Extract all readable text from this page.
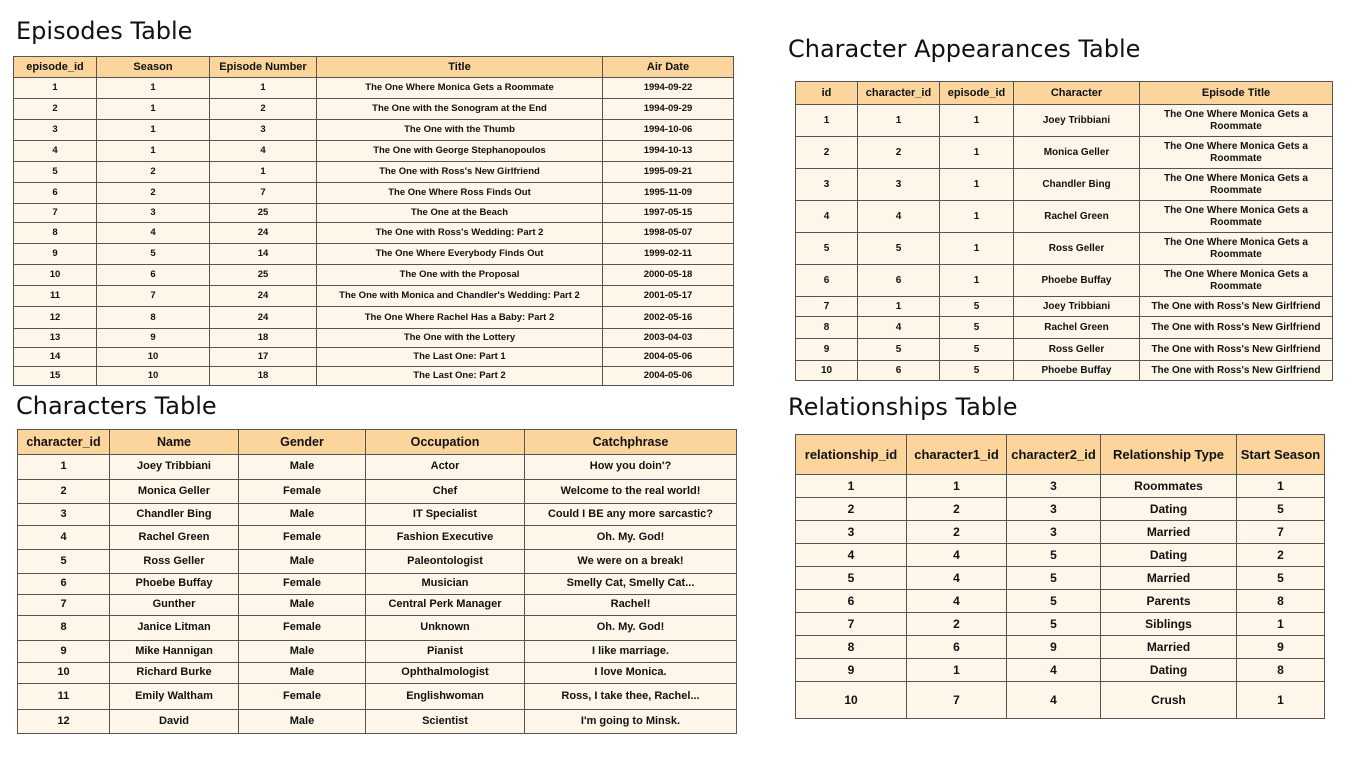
Episodes Table
episode_id	Season	Episode Number	Title	Air Date
1	1	1	The One Where Monica Gets a Roommate	1994-09-22
2	1	2	The One with the Sonogram at the End	1994-09-29
3	1	3	The One with the Thumb	1994-10-06
4	1	4	The One with George Stephanopoulos	1994-10-13
5	2	1	The One with Ross's New Girlfriend	1995-09-21
6	2	7	The One Where Ross Finds Out	1995-11-09
7	3	25	The One at the Beach	1997-05-15
8	4	24	The One with Ross's Wedding: Part 2	1998-05-07
9	5	14	The One Where Everybody Finds Out	1999-02-11
10	6	25	The One with the Proposal	2000-05-18
11	7	24	The One with Monica and Chandler's Wedding: Part 2	2001-05-17
12	8	24	The One Where Rachel Has a Baby: Part 2	2002-05-16
13	9	18	The One with the Lottery	2003-04-03
14	10	17	The Last One: Part 1	2004-05-06
15	10	18	The Last One: Part 2	2004-05-06
Character Appearances Table
id	character_id	episode_id	Character	Episode Title
1	1	1	Joey Tribbiani	The One Where Monica Gets a Roommate
2	2	1	Monica Geller	The One Where Monica Gets a Roommate
3	3	1	Chandler Bing	The One Where Monica Gets a Roommate
4	4	1	Rachel Green	The One Where Monica Gets a Roommate
5	5	1	Ross Geller	The One Where Monica Gets a Roommate
6	6	1	Phoebe Buffay	The One Where Monica Gets a Roommate
7	1	5	Joey Tribbiani	The One with Ross's New Girlfriend
8	4	5	Rachel Green	The One with Ross's New Girlfriend
9	5	5	Ross Geller	The One with Ross's New Girlfriend
10	6	5	Phoebe Buffay	The One with Ross's New Girlfriend
Characters Table
character_id	Name	Gender	Occupation	Catchphrase
1	Joey Tribbiani	Male	Actor	How you doin'?
2	Monica Geller	Female	Chef	Welcome to the real world!
3	Chandler Bing	Male	IT Specialist	Could I BE any more sarcastic?
4	Rachel Green	Female	Fashion Executive	Oh. My. God!
5	Ross Geller	Male	Paleontologist	We were on a break!
6	Phoebe Buffay	Female	Musician	Smelly Cat, Smelly Cat...
7	Gunther	Male	Central Perk Manager	Rachel!
8	Janice Litman	Female	Unknown	Oh. My. God!
9	Mike Hannigan	Male	Pianist	I like marriage.
10	Richard Burke	Male	Ophthalmologist	I love Monica.
11	Emily Waltham	Female	Englishwoman	Ross, I take thee, Rachel...
12	David	Male	Scientist	I'm going to Minsk.
Relationships Table
relationship_id	character1_id	character2_id	Relationship Type	Start Season
1	1	3	Roommates	1
2	2	3	Dating	5
3	2	3	Married	7
4	4	5	Dating	2
5	4	5	Married	5
6	4	5	Parents	8
7	2	5	Siblings	1
8	6	9	Married	9
9	1	4	Dating	8
10	7	4	Crush	1
